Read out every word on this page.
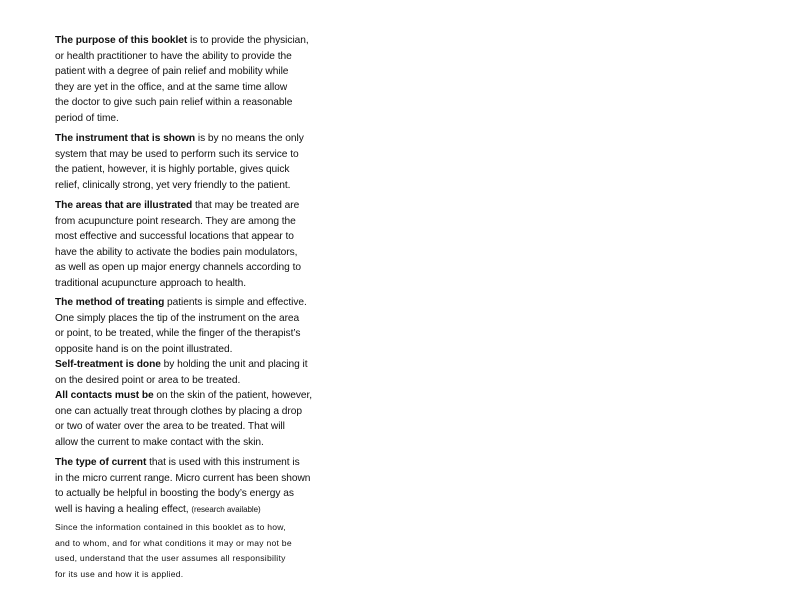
The purpose of this booklet is to provide the physician,
or health practitioner to have the ability to provide the
patient with a degree of pain relief and mobility while
they are yet in the office, and at the same time allow
the doctor to give such pain relief within a reasonable
period of time.
The instrument that is shown is by no means the only
system that may be used to perform such its service to
the patient, however, it is highly portable, gives quick
relief, clinically strong, yet very friendly to the patient.
The areas that are illustrated that may be treated are
from acupuncture point research. They are among the
most effective and successful locations that appear to
have the ability to activate the bodies pain modulators,
as well as open up major energy channels according to
traditional acupuncture approach to health.
The method of treating patients is simple and effective.
One simply places the tip of the instrument on the area
or point, to be treated, while the finger of the therapist’s
opposite hand is on the point illustrated.
Self-treatment is done by holding the unit and placing it
on the desired point or area to be treated.
All contacts must be on the skin of the patient, however,
one can actually treat through clothes by placing a drop
or two of water over the area to be treated. That will
allow the current to make contact with the skin.
The type of current that is used with this instrument is
in the micro current range. Micro current has been shown
to actually be helpful in boosting the body’s energy as
well is having a healing effect, (research available)
Since the information contained in this booklet as to how,
and to whom, and for what conditions it may or may not be
used, understand that the user assumes all responsibility
for its use and how it is applied.
